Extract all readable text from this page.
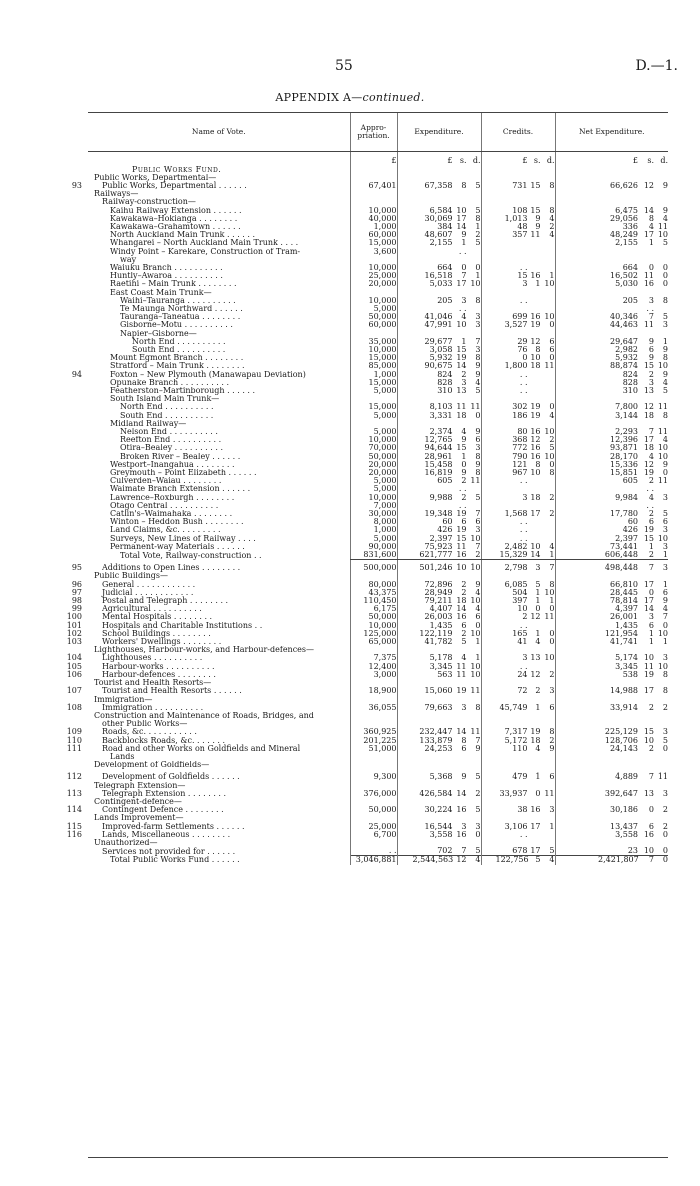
55	D.—1.
APPENDIX A—continued.
Name of Vote.	Appro-
priation.	Expenditure.	Credits.	Net Expenditure.

	£	£ s. d.	£ s. d.	£ s. d.

Public Works Fund.	

Public Works, Departmental—	

93 Public Works, Departmental . . . . . .	67,401	67,358 8 5	731 15 8	66,626 12 9

Railways—	

Railway-construction—	

Kaihu Railway Extension . . . . . .	10,000	6,584 10 5	108 15 8	6,475 14 9

Kawakawa–Hokianga . . . . . . . .	40,000	30,069 17 8	1,013 9 4	29,056 8 4

Kawakawa–Grahamtown . . . . . .	1,000	384 14 1	48 9 2	336 4 11

North Auckland Main Trunk . . . . . .	60,000	48,607 9 2	357 11 4	48,249 17 10

Whangarei – North Auckland Main Trunk . . . .	15,000	2,155 1 5		2,155 1 5

Windy Point – Karekare, Construction of Tram-	3,600	. .		

way	

Waiuku Branch . . . . . . . . . .	10,000	664 0 0	. .	664 0 0

Huntly–Awaroa . . . . . . . . . .	25,000	16,518 7 1	15 16 1	16,502 11 0

Raetihi – Main Trunk . . . . . . . .	20,000	5,033 17 10	3 1 10	5,030 16 0

East Coast Main Trunk—	

Waihi–Tauranga . . . . . . . . . .	10,000	205 3 8	. .	205 3 8

Te Maunga Northward . . . . . .	5,000	. .		. .

Tauranga–Taneatua . . . . . . . .	50,000	41,046 4 3	699 16 10	40,346 7 5

Gisborne–Motu . . . . . . . . . .	60,000	47,991 10 3	3,527 19 0	44,463 11 3

Napier–Gisborne—	

North End . . . . . . . . . .	35,000	29,677 1 7	29 12 6	29,647 9 1

South End . . . . . . . . . .	10,000	3,058 15 3	76 8 6	2,982 6 9

Mount Egmont Branch . . . . . . . .	15,000	5,932 19 8	0 10 0	5,932 9 8

Stratford – Main Trunk . . . . . . . .	85,000	90,675 14 9	1,800 18 11	88,874 15 10

94 Foxton – New Plymouth (Manawapau Deviation)	1,000	824 2 9	. .	824 2 9

Opunake Branch . . . . . . . . . .	15,000	828 3 4	. .	828 3 4

Featherston–Martinborough . . . . . .	5,000	310 13 5	. .	310 13 5

South Island Main Trunk—	

North End . . . . . . . . . .	15,000	8,103 11 11	302 19 0	7,800 12 11

South End . . . . . . . . . .	5,000	3,331 18 0	186 19 4	3,144 18 8

Midland Railway—	

Nelson End . . . . . . . . . .	5,000	2,374 4 9	80 16 10	2,293 7 11

Reefton End . . . . . . . . . .	10,000	12,765 9 6	368 12 2	12,396 17 4

Otira–Bealey . . . . . . . . . .	70,000	94,644 15 3	772 16 5	93,871 18 10

Broken River – Bealey . . . . . .	50,000	28,961 1 8	790 16 10	28,170 4 10

Westport–Inangahua . . . . . . . .	20,000	15,458 0 9	121 8 0	15,336 12 9

Greymouth – Point Elizabeth . . . . . .	20,000	16,819 9 8	967 10 8	15,851 19 0

Culverden–Waiau . . . . . . . .	5,000	605 2 11	. .	605 2 11

Waimate Branch Extension . . . . . .	5,000	. .		. .

Lawrence–Roxburgh . . . . . . . .	10,000	9,988 2 5	3 18 2	9,984 4 3

Otago Central . . . . . . . . . .	7,000	. .		. .

Catlin's–Waimahaka . . . . . . . .	30,000	19,348 19 7	1,568 17 2	17,780 2 5

Winton – Heddon Bush . . . . . . . .	8,000	60 6 6	. .	60 6 6

Land Claims, &c. . . . . . . . .	1,000	426 19 3	. .	426 19 3

Surveys, New Lines of Railway . . . .	5,000	2,397 15 10	. .	2,397 15 10

Permanent-way Materials . . . . . .	90,000	75,923 11 7	2,482 10 4	73,441 1 3

Total Vote, Railway-construction . .	831,600	621,777 16 2	15,329 14 1	606,448 2 1

95 Additions to Open Lines . . . . . . . .	500,000	501,246 10 10	2,798 3 7	498,448 7 3

Public Buildings—	

96 General . . . . . . . . . . . .	80,000	72,896 2 9	6,085 5 8	66,810 17 1

97 Judicial . . . . . . . . . . . .	43,375	28,949 2 4	504 1 10	28,445 0 6

98 Postal and Telegraph . . . . . . . .	110,450	79,211 18 10	397 1 1	78,814 17 9

99 Agricultural . . . . . . . . . .	6,175	4,407 14 4	10 0 0	4,397 14 4

100 Mental Hospitals . . . . . . . .	50,000	26,003 16 6	2 12 11	26,001 3 7

101 Hospitals and Charitable Institutions . .	10,000	1,435 6 0	. .	1,435 6 0

102 School Buildings . . . . . . . .	125,000	122,119 2 10	165 1 0	121,954 1 10

103 Workers' Dwellings . . . . . . . .	65,000	41,782 5 1	41 4 0	41,741 1 1

Lighthouses, Harbour-works, and Harbour-defences—	

104 Lighthouses . . . . . . . . . .	7,375	5,178 4 1	3 13 10	5,174 10 3

105 Harbour-works . . . . . . . . . .	12,400	3,345 11 10	. .	3,345 11 10

106 Harbour-defences . . . . . . . .	3,000	563 11 10	24 12 2	538 19 8

Tourist and Health Resorts—	

107 Tourist and Health Resorts . . . . . .	18,900	15,060 19 11	72 2 3	14,988 17 8

Immigration—	

108 Immigration . . . . . . . . . .	36,055	79,663 3 8	45,749 1 6	33,914 2 2

Construction and Maintenance of Roads, Bridges, and	

other Public Works—	

109 Roads, &c. . . . . . . . . . .	360,925	232,447 14 11	7,317 19 8	225,129 15 3

110 Backblocks Roads, &c. . . . . . .	201,225	133,879 8 7	5,172 18 2	128,706 10 5

111 Road and other Works on Goldfields and Mineral	51,000	24,253 6 9	110 4 9	24,143 2 0

Lands	

Development of Goldfields—	

112 Development of Goldfields . . . . . .	9,300	5,368 9 5	479 1 6	4,889 7 11

Telegraph Extension—	

113 Telegraph Extension . . . . . . . .	376,000	426,584 14 2	33,937 0 11	392,647 13 3

Contingent-defence—	

114 Contingent Defence . . . . . . . .	50,000	30,224 16 5	38 16 3	30,186 0 2

Lands Improvement—	

115 Improved-farm Settlements . . . . . .	25,000	16,544 3 3	3,106 17 1	13,437 6 2

116 Lands, Miscellaneous . . . . . . . .	6,700	3,558 16 0	. .	3,558 16 0

Unauthorized—	

Services not provided for . . . . . .	. .	702 7 5	678 17 5	23 10 0

Total Public Works Fund . . . . . .	3,046,881	2,544,563 12 4	122,756 5 4	2,421,807 7 0
